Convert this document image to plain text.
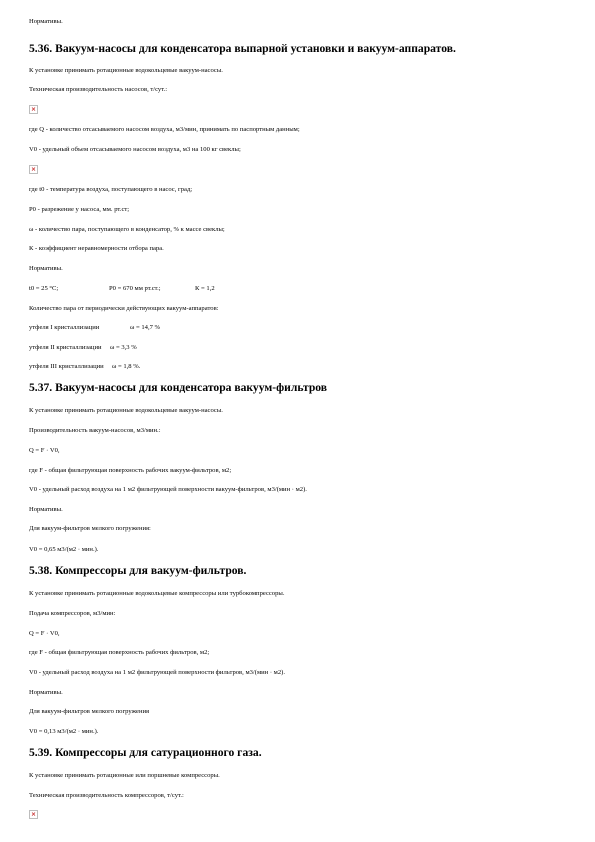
Нормативы.
5.36. Вакуум-насосы для конденсатора выпарной установки и вакуум-аппаратов.
К установке принимать ротационные водокольцевые вакуум-насосы.
Техническая производительность насосов, т/сут.:
×
где Q - количество отсасываемого насосом воздуха, м3/мин, принимать по паспортным данным;
V0 - удельный объем отсасываемого насосом воздуха, м3 на 100 кг свеклы;
×
где t0 - температура воздуха, поступающего в насос, град;
P0 - разрежение у насоса, мм. рт.ст;
ω - количество пара, поступающего в конденсатор, % к массе свеклы;
К - коэффициент неравномерности отбора пара.
Нормативы.
t0 = 25 °С;	P0 = 670 мм рт.ст.;	К = 1,2
Количество пара от периодически действующих вакуум-аппаратов:
утфеля I кристаллизации	ω = 14,7 %
утфеля II кристаллизации ω = 3,3 %
утфеля III кристаллизации ω = 1,8 %.
5.37. Вакуум-насосы для конденсатора вакуум-фильтров
К установке принимать ротационные водокольцевые вакуум-насосы.
Производительность вакуум-насосов, м3/мин.:
Q = F · V0,
где F - общая фильтрующая поверхность рабочих вакуум-фильтров, м2;
V0 - удельный расход воздуха на 1 м2 фильтрующей поверхности вакуум-фильтров, м3/(мин · м2).
Нормативы.
Для вакуум-фильтров мелкого погружения:
V0 = 0,65 м3/(м2 · мин.).
5.38. Компрессоры для вакуум-фильтров.
К установке принимать ротационные водокольцевые компрессоры или турбокомпрессоры.
Подача компрессоров, м3/мин:
Q = F · V0,
где F - общая фильтрующая поверхность рабочих фильтров, м2;
V0 - удельный расход воздуха на 1 м2 фильтрующей поверхности фильтров, м3/(мин · м2).
Нормативы.
Для вакуум-фильтров мелкого погружения
V0 = 0,13 м3/(м2 · мин.).
5.39. Компрессоры для сатурационного газа.
К установке принимать ротационные или поршневые компрессоры.
Техническая производительность компрессоров, т/сут.:
×
